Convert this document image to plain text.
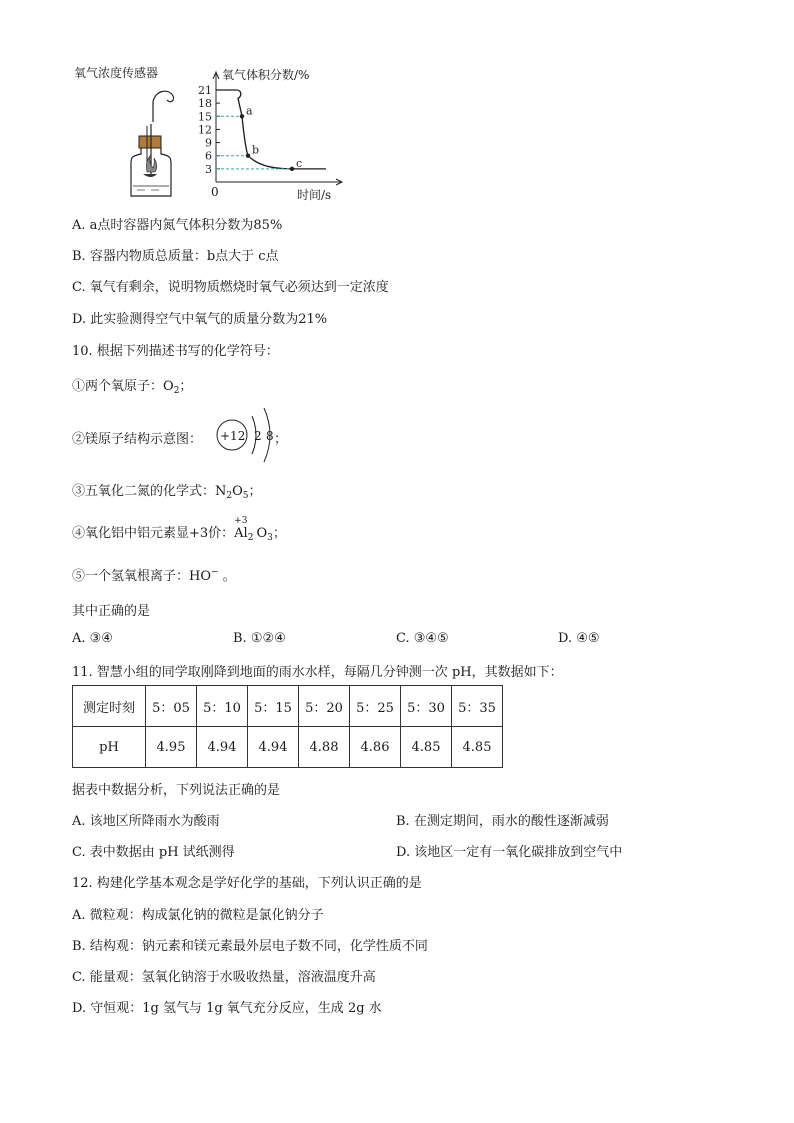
氧气浓度传感器	氧气体积分数/%
时间/s
0
21
18
15
12
9
6
3
a
b
c
A. a点时容器内氮气体积分数为85%
B. 容器内物质总质量：b点大于 c点
C. 氧气有剩余，说明物质燃烧时氧气必须达到一定浓度
D. 此实验测得空气中氧气的质量分数为21%
10. 根据下列描述书写的化学符号：
①两个氧原子：$O_2$；
②镁原子结构示意图： +12 2 8 ；
③五氧化二氮的化学式：$N_2O_5$；
④氧化铝中铝元素显+3价：
+3
$Al_2$ $O_3$；
⑤一个氢氧根离子：HO− 。
其中正确的是
A. ③④	B. ①②④	C. ③④⑤	D. ④⑤
11. 智慧小组的同学取刚降到地面的雨水水样，每隔几分钟测一次 pH，其数据如下：
测定时刻	5：05	5：10	5：15	5：20	5：25	5：30	5：35
pH	4.95	4.94	4.94	4.88	4.86	4.85	4.85
据表中数据分析，下列说法正确的是
A. 该地区所降雨水为酸雨	B. 在测定期间，雨水的酸性逐渐减弱
C. 表中数据由 pH 试纸测得	D. 该地区一定有一氧化碳排放到空气中
12. 构建化学基本观念是学好化学的基础，下列认识正确的是
A. 微粒观：构成氯化钠的微粒是氯化钠分子
B. 结构观：钠元素和镁元素最外层电子数不同，化学性质不同
C. 能量观：氢氧化钠溶于水吸收热量，溶液温度升高
D. 守恒观：1g 氢气与 1g 氧气充分反应，生成 2g 水
